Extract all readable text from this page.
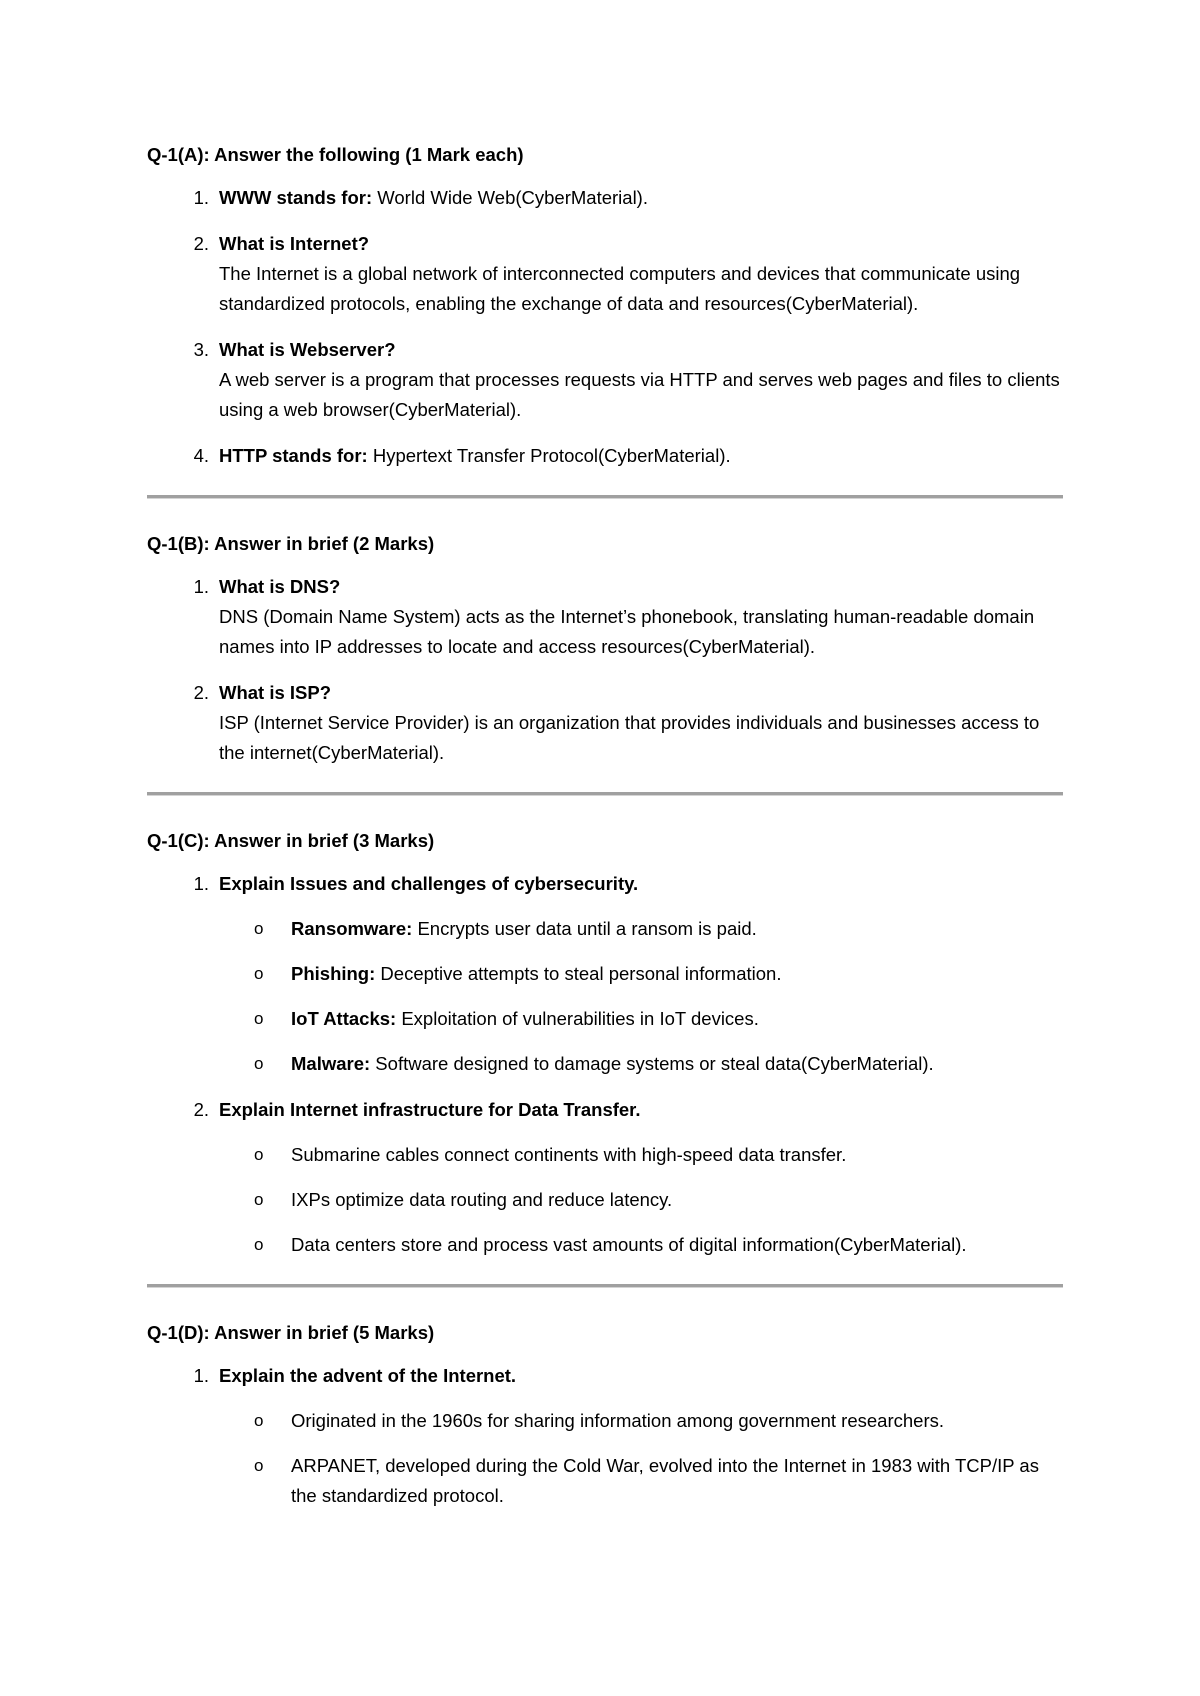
Q-1(A): Answer the following (1 Mark each)

1. WWW stands for: World Wide Web(CyberMaterial).
2. What is Internet?
The Internet is a global network of interconnected computers and devices that communicate using standardized protocols, enabling the exchange of data and resources(CyberMaterial).
3. What is Webserver?
A web server is a program that processes requests via HTTP and serves web pages and files to clients using a web browser(CyberMaterial).
4. HTTP stands for: Hypertext Transfer Protocol(CyberMaterial).

Q-1(B): Answer in brief (2 Marks)

1. What is DNS?
DNS (Domain Name System) acts as the Internet’s phonebook, translating human-readable domain names into IP addresses to locate and access resources(CyberMaterial).
2. What is ISP?
ISP (Internet Service Provider) is an organization that provides individuals and businesses access to the internet(CyberMaterial).

Q-1(C): Answer in brief (3 Marks)

1. Explain Issues and challenges of cybersecurity.
o Ransomware: Encrypts user data until a ransom is paid.
o Phishing: Deceptive attempts to steal personal information.
o IoT Attacks: Exploitation of vulnerabilities in IoT devices.
o Malware: Software designed to damage systems or steal data(CyberMaterial).
2. Explain Internet infrastructure for Data Transfer.
o Submarine cables connect continents with high-speed data transfer.
o IXPs optimize data routing and reduce latency.
o Data centers store and process vast amounts of digital information(CyberMaterial).

Q-1(D): Answer in brief (5 Marks)

1. Explain the advent of the Internet.
o Originated in the 1960s for sharing information among government researchers.
o ARPANET, developed during the Cold War, evolved into the Internet in 1983 with TCP/IP as the standardized protocol.
